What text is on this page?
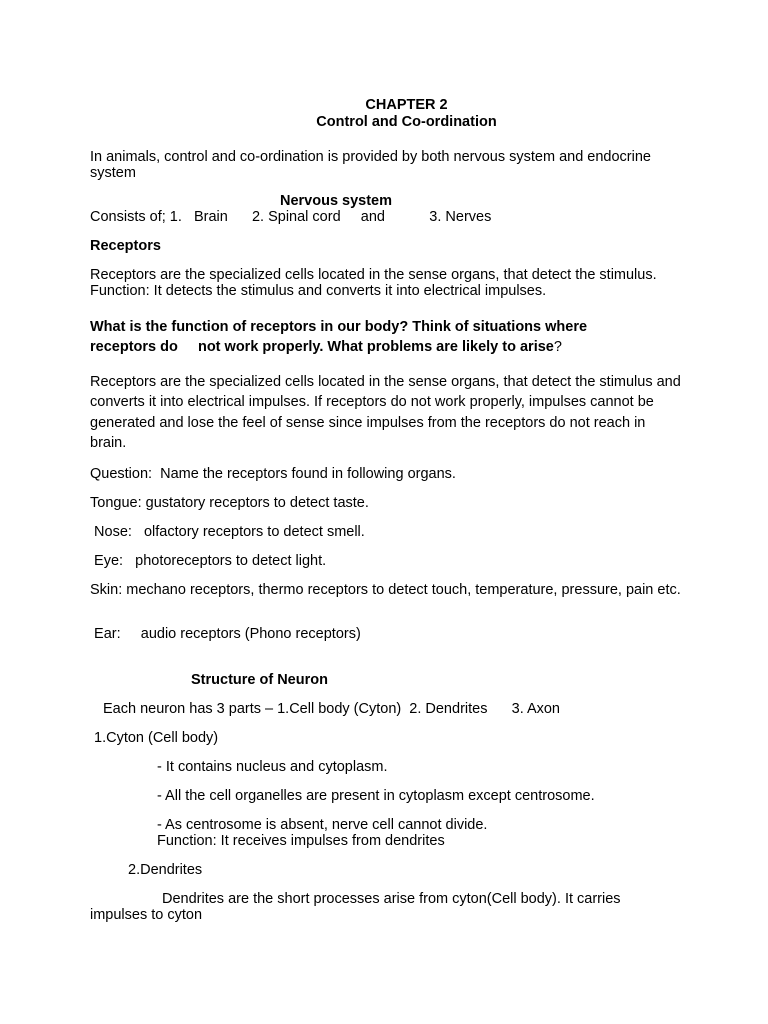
CHAPTER 2
Control and Co-ordination

In animals, control and co-ordination is provided by both nervous system and endocrine system

Nervous system
Consists of; 1.   Brain      2. Spinal cord     and           3. Nerves
Receptors

Receptors are the specialized cells located in the sense organs, that detect the stimulus. Function: It detects the stimulus and converts it into electrical impulses.

What is the function of receptors in our body? Think of situations where
receptors do     not work properly. What problems are likely to arise?

Receptors are the specialized cells located in the sense organs, that detect the stimulus and converts it into electrical impulses. If receptors do not work properly, impulses cannot be generated and lose the feel of sense since impulses from the receptors do not reach in brain.

Question:  Name the receptors found in following organs.
Tongue: gustatory receptors to detect taste.
Nose:   olfactory receptors to detect smell.
Eye:   photoreceptors to detect light.

Skin: mechano receptors, thermo receptors to detect touch, temperature, pressure, pain etc.

Ear:     audio receptors (Phono receptors)
Structure of Neuron
Each neuron has 3 parts – 1.Cell body (Cyton)  2. Dendrites      3. Axon
1.Cyton (Cell body)
- It contains nucleus and cytoplasm.
- All the cell organelles are present in cytoplasm except centrosome.
- As centrosome is absent, nerve cell cannot divide.
Function: It receives impulses from dendrites
2.Dendrites
Dendrites are the short processes arise from cyton(Cell body). It carries
impulses to cyton
